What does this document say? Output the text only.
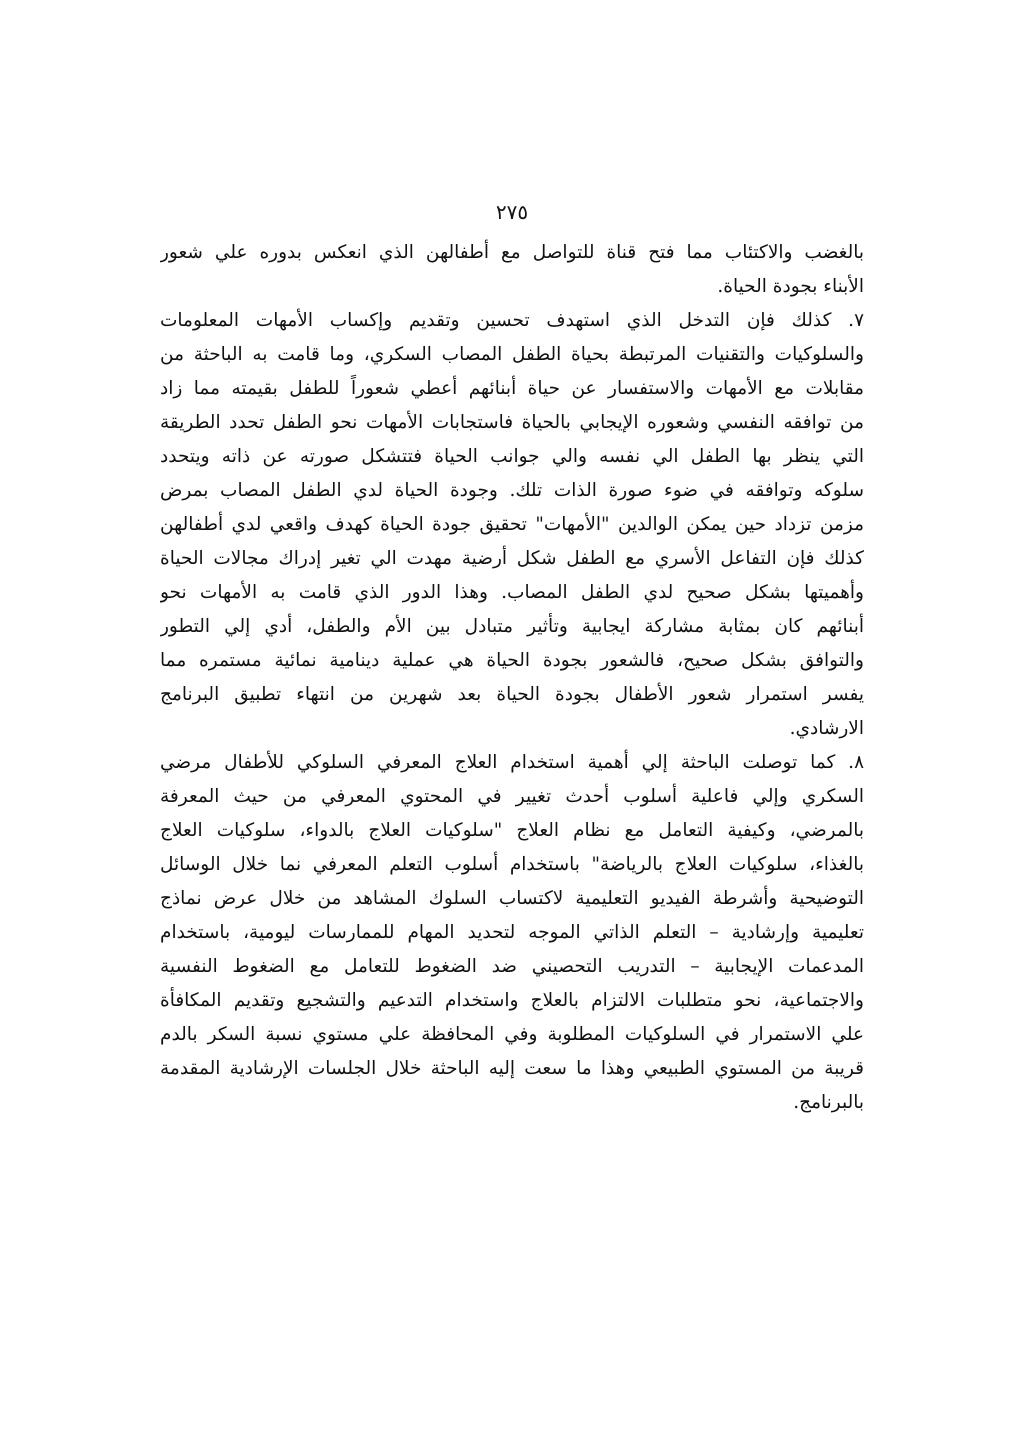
٢٧٥
بالغضب والاكتئاب مما فتح قناة للتواصل مع أطفالهن الذي انعكس بدوره علي شعور
الأبناء بجودة الحياة.
٧. كذلك فإن التدخل الذي استهدف تحسين وتقديم وإكساب الأمهات المعلومات
والسلوكيات والتقنيات المرتبطة بحياة الطفل المصاب السكري، وما قامت به الباحثة من
مقابلات مع الأمهات والاستفسار عن حياة أبنائهم أعطي شعوراً للطفل بقيمته مما زاد
من توافقه النفسي وشعوره الإيجابي بالحياة فاستجابات الأمهات نحو الطفل تحدد الطريقة
التي ينظر بها الطفل الي نفسه والي جوانب الحياة فتتشكل صورته عن ذاته ويتحدد
سلوكه وتوافقه في ضوء صورة الذات تلك. وجودة الحياة لدي الطفل المصاب بمرض
مزمن تزداد حين يمكن الوالدين "الأمهات" تحقيق جودة الحياة كهدف واقعي لدي أطفالهن
كذلك فإن التفاعل الأسري مع الطفل شكل أرضية مهدت الي تغير إدراك مجالات الحياة
وأهميتها بشكل صحيح لدي الطفل المصاب. وهذا الدور الذي قامت به الأمهات نحو
أبنائهم كان بمثابة مشاركة ايجابية وتأثير متبادل بين الأم والطفل، أدي إلي التطور
والتوافق بشكل صحيح، فالشعور بجودة الحياة هي عملية دينامية نمائية مستمره مما
يفسر استمرار شعور الأطفال بجودة الحياة بعد شهرين من انتهاء تطبيق البرنامج
الارشادي.
٨. كما توصلت الباحثة إلي أهمية استخدام العلاج المعرفي السلوكي للأطفال مرضي
السكري وإلي فاعلية أسلوب أحدث تغيير في المحتوي المعرفي من حيث المعرفة
بالمرضي، وكيفية التعامل مع نظام العلاج "سلوكيات العلاج بالدواء، سلوكيات العلاج
بالغذاء، سلوكيات العلاج بالرياضة" باستخدام أسلوب التعلم المعرفي نما خلال الوسائل
التوضيحية وأشرطة الفيديو التعليمية لاكتساب السلوك المشاهد من خلال عرض نماذج
تعليمية وإرشادية – التعلم الذاتي الموجه لتحديد المهام للممارسات ليومية، باستخدام
المدعمات الإيجابية – التدريب التحصيني ضد الضغوط للتعامل مع الضغوط النفسية
والاجتماعية، نحو متطلبات الالتزام بالعلاج واستخدام التدعيم والتشجيع وتقديم المكافأة
علي الاستمرار في السلوكيات المطلوبة وفي المحافظة علي مستوي نسبة السكر بالدم
قريبة من المستوي الطبيعي وهذا ما سعت إليه الباحثة خلال الجلسات الإرشادية المقدمة
بالبرنامج.
